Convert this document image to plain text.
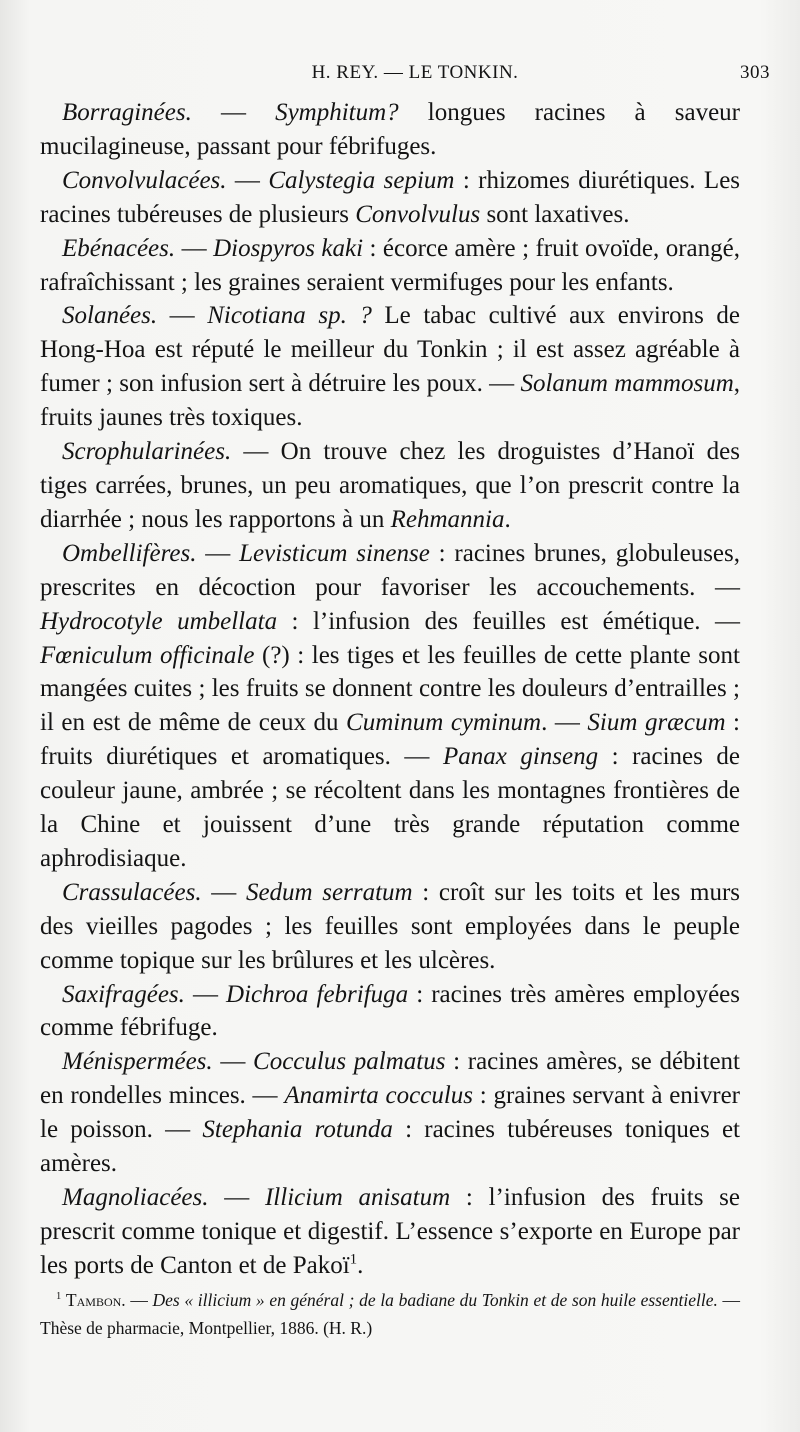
H. REY. — LE TONKIN.	303

Borraginées. — Symphitum? longues racines à saveur mucilagineuse, passant pour fébrifuges.

Convolvulacées. — Calystegia sepium : rhizomes diurétiques. Les racines tubéreuses de plusieurs Convolvulus sont laxatives.

Ebénacées. — Diospyros kaki : écorce amère ; fruit ovoïde, orangé, rafraîchissant ; les graines seraient vermifuges pour les enfants.

Solanées. — Nicotiana sp. ? Le tabac cultivé aux environs de Hong-Hoa est réputé le meilleur du Tonkin ; il est assez agréable à fumer ; son infusion sert à détruire les poux. — Solanum mammosum, fruits jaunes très toxiques.

Scrophularinées. — On trouve chez les droguistes d’Hanoï des tiges carrées, brunes, un peu aromatiques, que l’on prescrit contre la diarrhée ; nous les rapportons à un Rehmannia.

Ombellifères. — Levisticum sinense : racines brunes, globuleuses, prescrites en décoction pour favoriser les accouchements. — Hydrocotyle umbellata : l’infusion des feuilles est émétique. — Fœniculum officinale (?) : les tiges et les feuilles de cette plante sont mangées cuites ; les fruits se donnent contre les douleurs d’entrailles ; il en est de même de ceux du Cuminum cyminum. — Sium græcum : fruits diurétiques et aromatiques. — Panax ginseng : racines de couleur jaune, ambrée ; se récoltent dans les montagnes frontières de la Chine et jouissent d’une très grande réputation comme aphrodisiaque.

Crassulacées. — Sedum serratum : croît sur les toits et les murs des vieilles pagodes ; les feuilles sont employées dans le peuple comme topique sur les brûlures et les ulcères.

Saxifragées. — Dichroa febrifuga : racines très amères employées comme fébrifuge.

Ménispermées. — Cocculus palmatus : racines amères, se débitent en rondelles minces. — Anamirta cocculus : graines servant à enivrer le poisson. — Stephania rotunda : racines tubéreuses toniques et amères.

Magnoliacées. — Illicium anisatum : l’infusion des fruits se prescrit comme tonique et digestif. L’essence s’exporte en Europe par les ports de Canton et de Pakoï$^1$.

$^1$ Tambon. — Des « illicium » en général ; de la badiane du Tonkin et de son huile essentielle. — Thèse de pharmacie, Montpellier, 1886. (H. R.)
